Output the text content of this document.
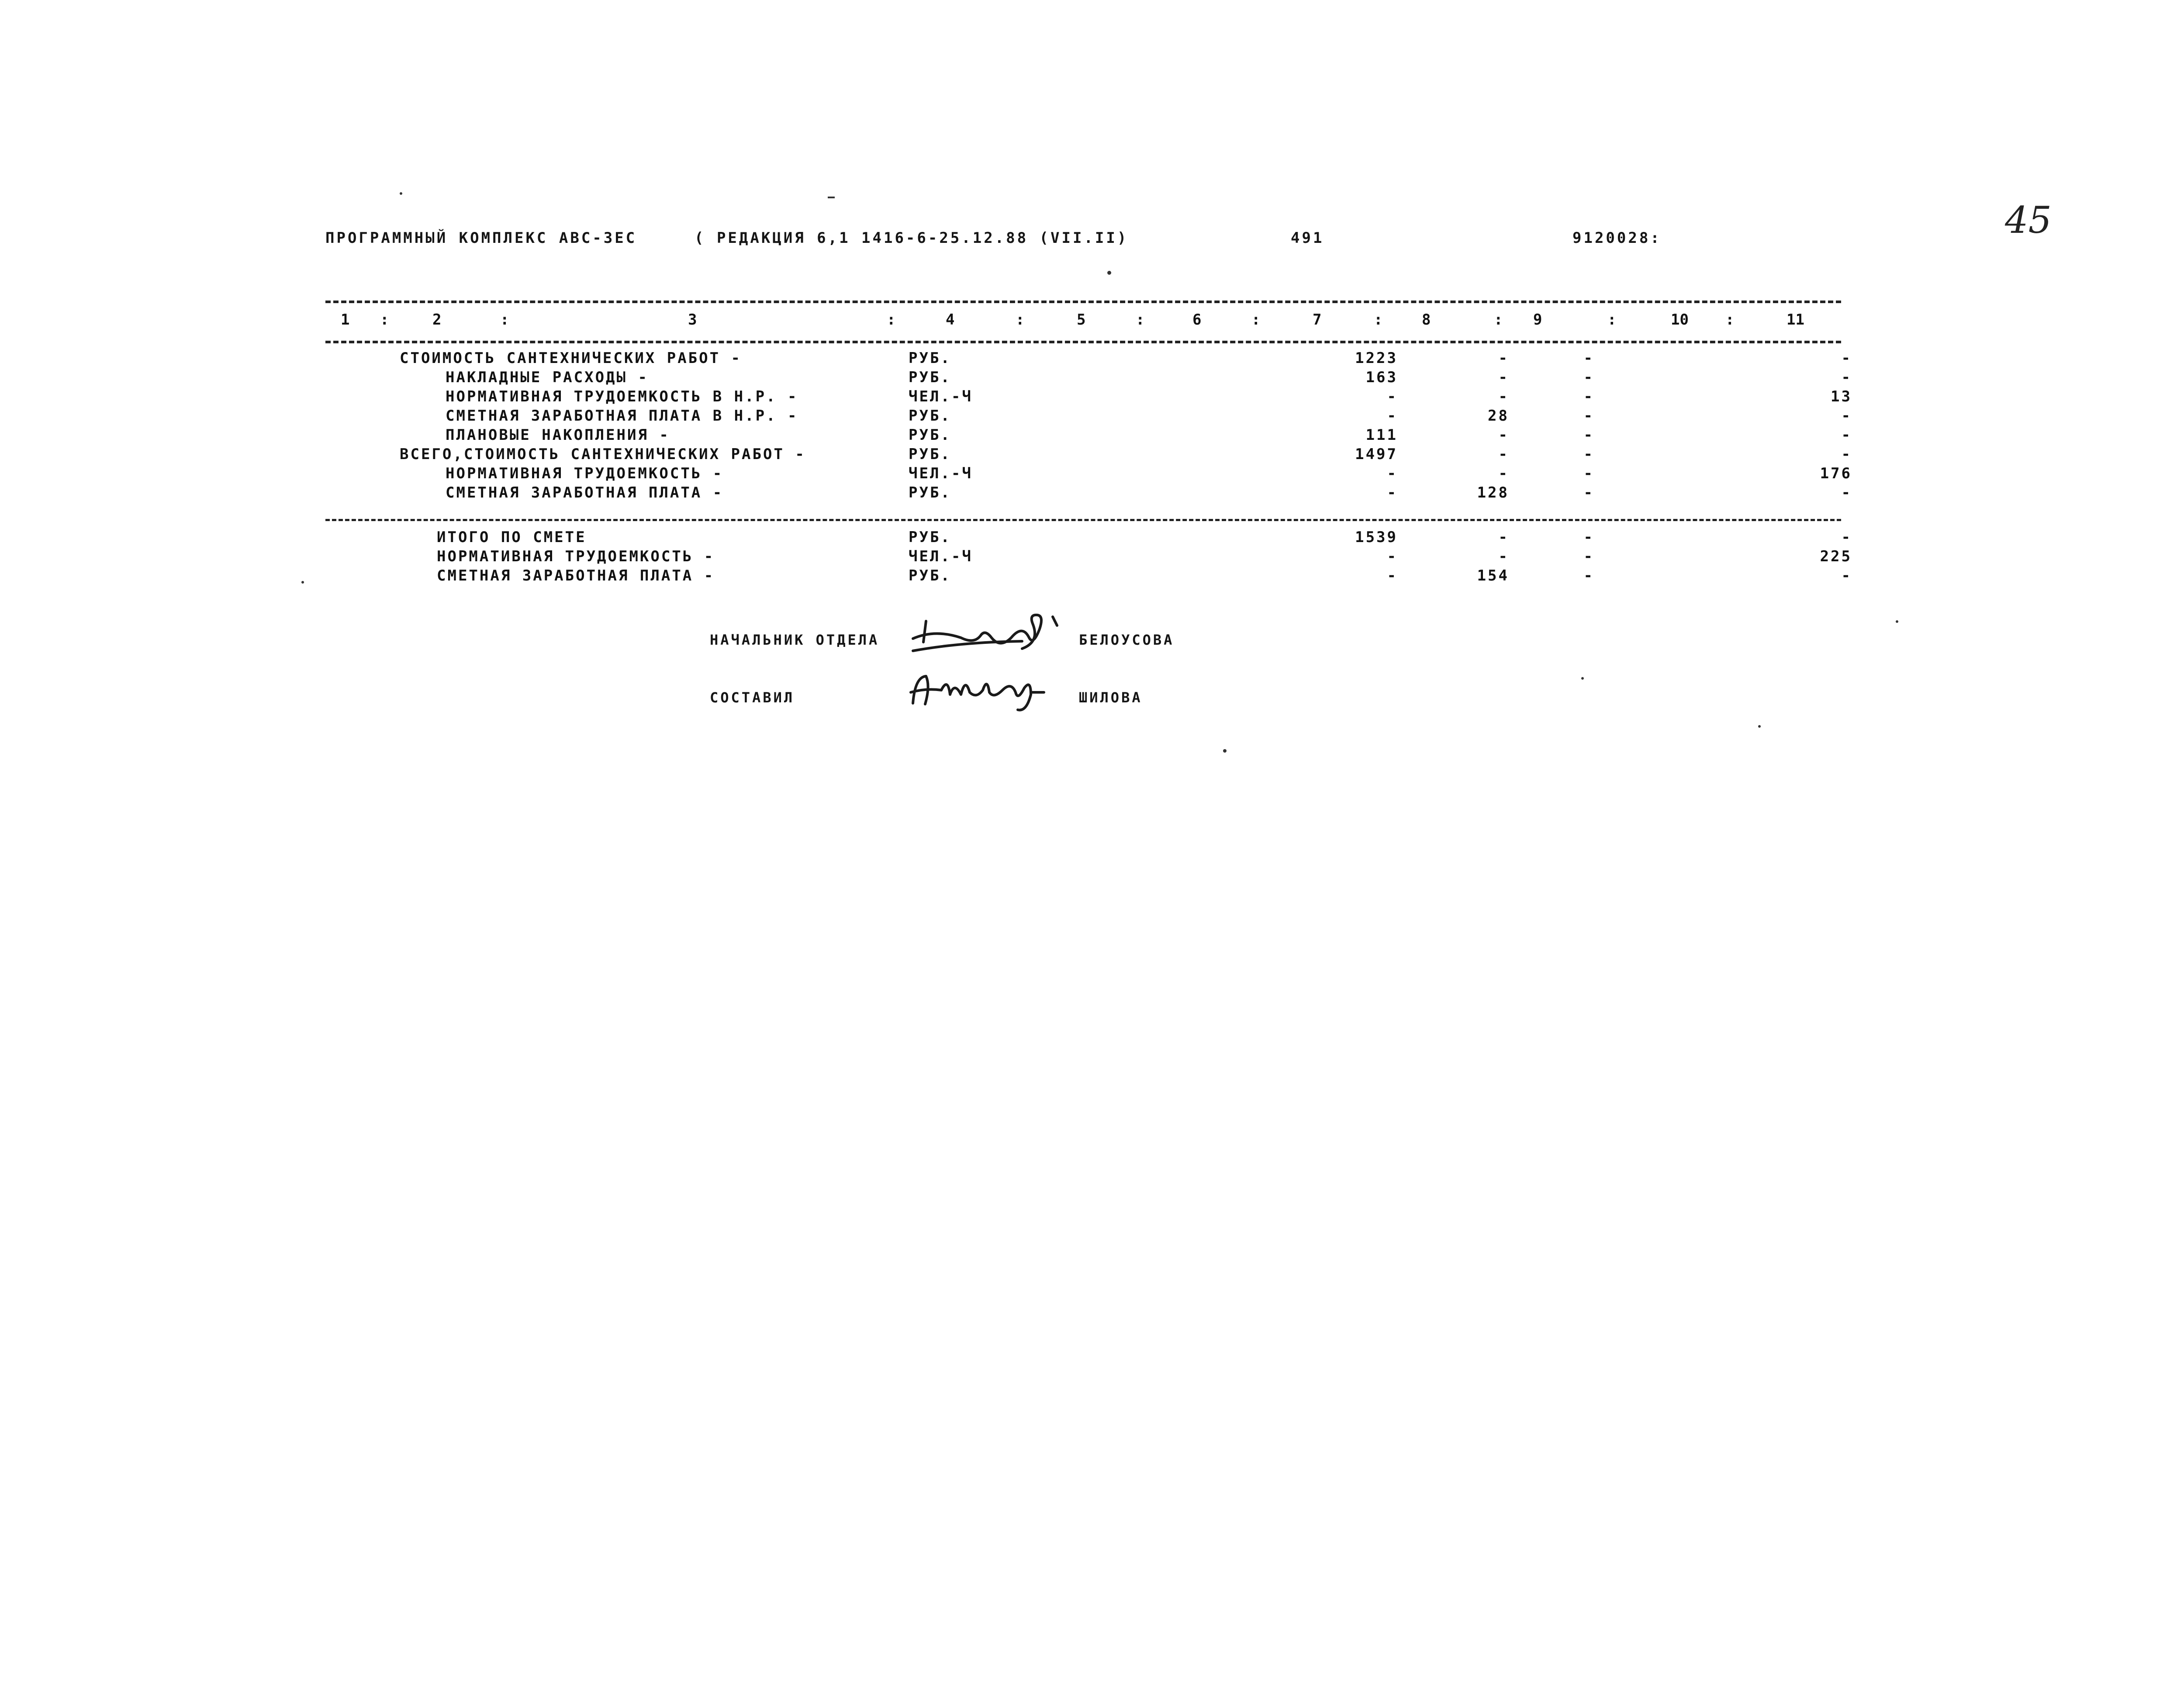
ПРОГРАММНЫЙ КОМПЛЕКС АВС-3ЕС	( РЕДАКЦИЯ 6,1 1416-6-25.12.88 (VII.II)	491	9120028:	45
1	2	3	4	5	6	7	8	9	10	11
:	:	:	:	:	:	:	:	:	:
СТОИМОСТЬ САНТЕХНИЧЕСКИХ РАБОТ -	РУБ.	1223	-	-	-
НАКЛАДНЫЕ РАСХОДЫ -	РУБ.	163	-	-	-
НОРМАТИВНАЯ ТРУДОЕМКОСТЬ В Н.Р. -	ЧЕЛ.-Ч	-	-	-	13
СМЕТНАЯ ЗАРАБОТНАЯ ПЛАТА В Н.Р. -	РУБ.	-	28	-	-
ПЛАНОВЫЕ НАКОПЛЕНИЯ -	РУБ.	111	-	-	-
ВСЕГО,СТОИМОСТЬ САНТЕХНИЧЕСКИХ РАБОТ -	РУБ.	1497	-	-	-
НОРМАТИВНАЯ ТРУДОЕМКОСТЬ -	ЧЕЛ.-Ч	-	-	-	176
СМЕТНАЯ ЗАРАБОТНАЯ ПЛАТА -	РУБ.	-	128	-	-
ИТОГО ПО СМЕТЕ	РУБ.	1539	-	-	-
НОРМАТИВНАЯ ТРУДОЕМКОСТЬ -	ЧЕЛ.-Ч	-	-	-	225
СМЕТНАЯ ЗАРАБОТНАЯ ПЛАТА -	РУБ.	-	154	-	-
НАЧАЛЬНИК ОТДЕЛА	БЕЛОУСОВА
СОСТАВИЛ	ШИЛОВА
